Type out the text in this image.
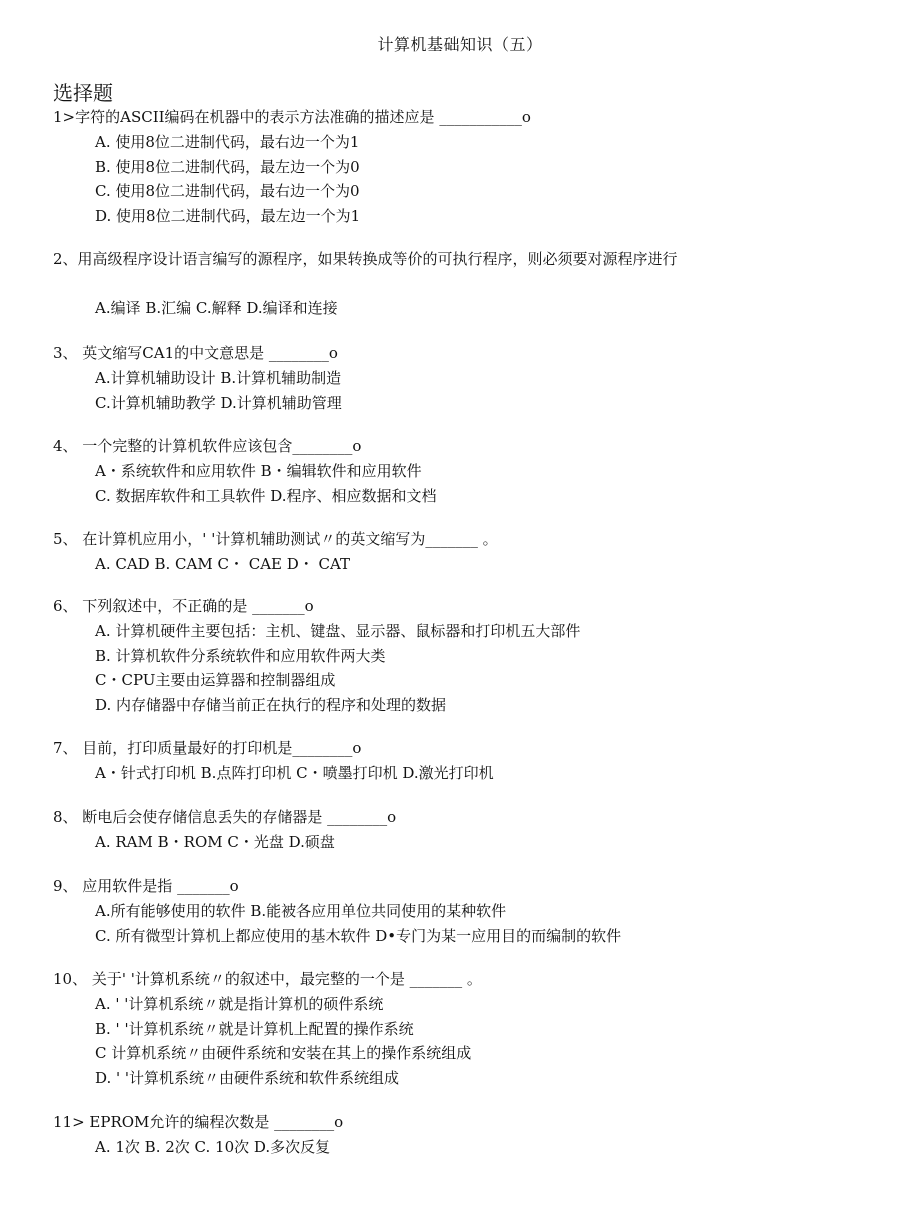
计算机基础知识（五）
选择题
1>字符的ASCII编码在机器中的表示方法准确的描述应是 ___________o
A. 使用8位二进制代码，最右边一个为1
B. 使用8位二进制代码，最左边一个为0
C. 使用8位二进制代码，最右边一个为0
D. 使用8位二进制代码，最左边一个为1
2、用高级程序设计语言编写的源程序，如果转换成等价的可执行程序，则必须要对源程序进行
A.编译 B.汇编 C.解释 D.编译和连接
3、 英文缩写CA1的中文意思是 ________o
A.计算机辅助设计 B.计算机辅助制造
C.计算机辅助教学 D.计算机辅助管理
4、 一个完整的计算机软件应该包含________o
A・系统软件和应用软件 B・编辑软件和应用软件
C. 数据库软件和工具软件 D.程序、相应数据和文档
5、 在计算机应用小，' '计算机辅助测试〃的英文缩写为_______ 。
A. CAD B. CAM C・ CAE D・ CAT
6、 下列叙述中，不正确的是 _______o
A. 计算机硬件主要包括：主机、键盘、显示器、鼠标器和打印机五大部件
B. 计算机软件分系统软件和应用软件两大类
C・CPU主要由运算器和控制器组成
D. 内存储器中存储当前正在执行的程序和处理的数据
7、 目前，打印质量最好的打印机是________o
A・针式打印机 B.点阵打印机 C・喷墨打印机 D.激光打印机
8、 断电后会使存储信息丢失的存储器是 ________o
A. RAM B・ROM C・光盘 D.硕盘
9、 应用软件是指 _______o
A.所有能够使用的软件 B.能被各应用单位共同使用的某种软件
C. 所有微型计算机上都应使用的基木软件 D•专门为某一应用目的而编制的软件
10、 关于' '计算机系统〃的叙述中，最完整的一个是 _______ 。
A. ' '计算机系统〃就是指计算机的硕件系统
B. ' '计算机系统〃就是计算机上配置的操作系统
C 计算机系统〃由硬件系统和安装在其上的操作系统组成
D. ' '计算机系统〃由硬件系统和软件系统组成
11> EPROM允许的编程次数是 ________o
A. 1次 B. 2次 C. 10次 D.多次反复
